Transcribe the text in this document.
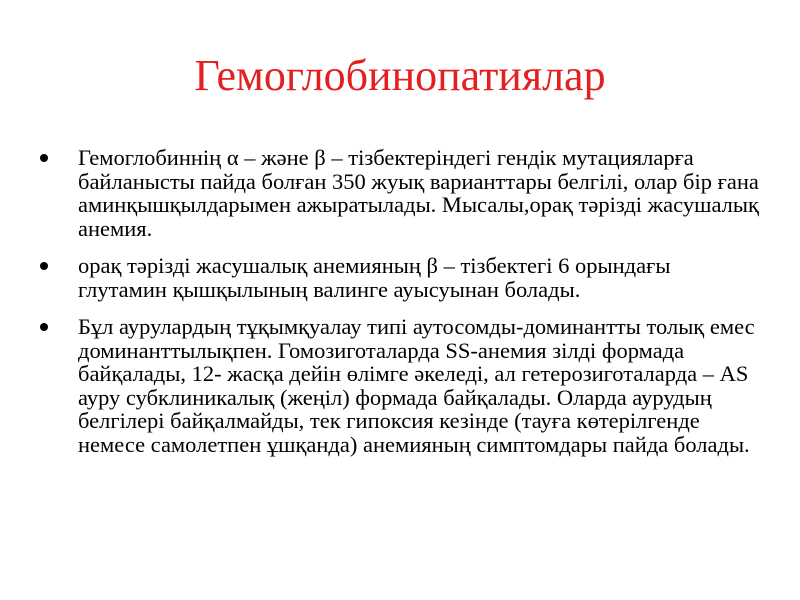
Гемоглобинопатиялар
Гемоглобиннің α – және β – тізбектеріндегі гендік мутацияларға байланысты пайда болған 350 жуық варианттары белгілі, олар бір ғана аминқышқылдарымен ажыратылады. Мысалы,орақ тәрізді жасушалық анемия.
орақ тәрізді жасушалық анемияның β – тізбектегі 6 орындағы глутамин қышқылының валинге ауысуынан болады.
Бұл аурулардың тұқымқуалау типі аутосомды-доминантты толық емес доминанттылықпен. Гомозиготаларда SS-анемия зілді формада байқалады, 12- жасқа дейін өлімге әкеледі, ал гетерозиготаларда – AS ауру субклиникалық (жеңіл) формада байқалады. Оларда аурудың белгілері байқалмайды, тек гипоксия кезінде (тауға көтерілгенде немесе самолетпен ұшқанда) анемияның симптомдары пайда болады.
